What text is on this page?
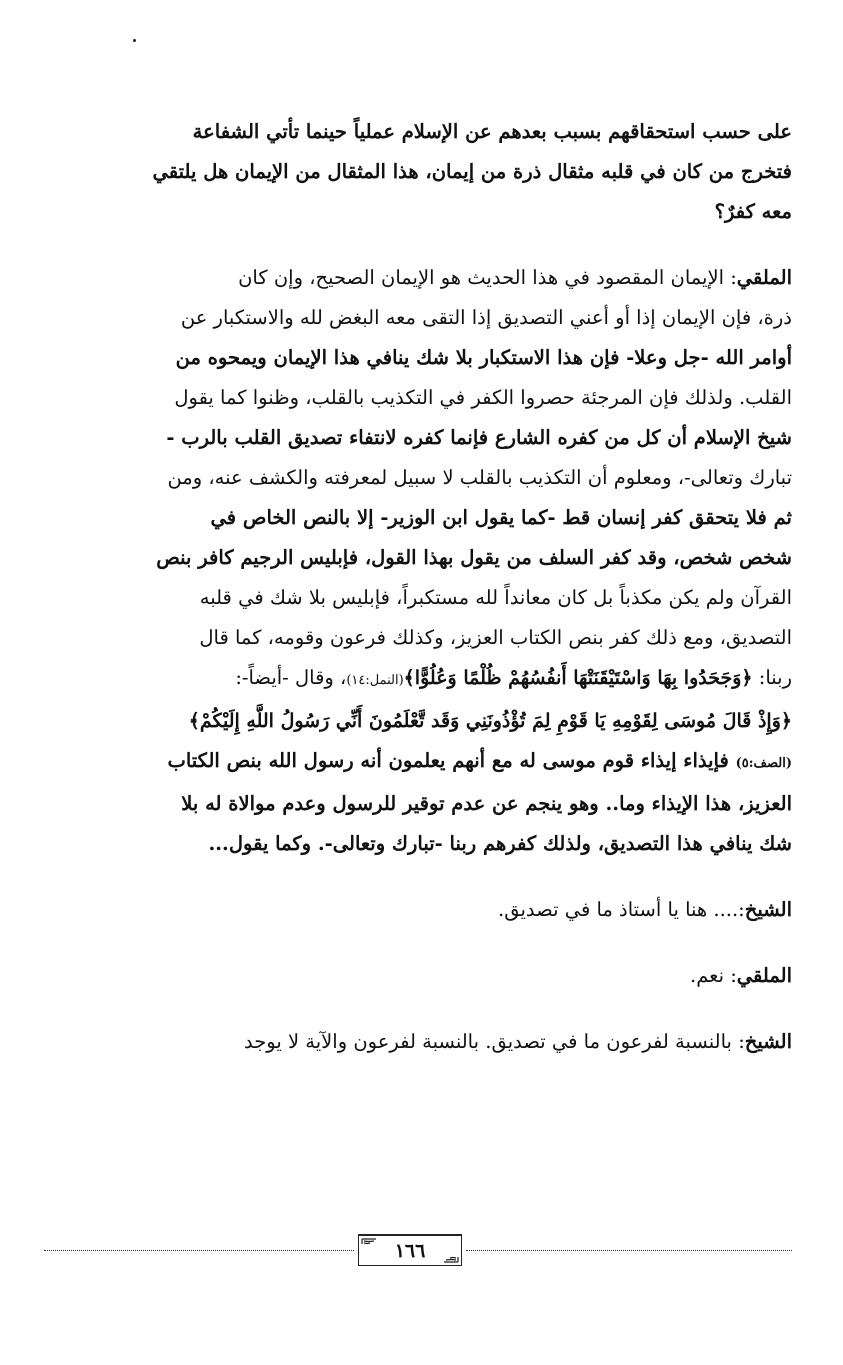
على حسب استحقاقهم بسبب بعدهم عن الإسلام عملياً حينما تأتي الشفاعة
فتخرج من كان في قلبه مثقال ذرة من إيمان، هذا المثقال من الإيمان هل يلتقي
معه كفرٌ؟

الملقي: الإيمان المقصود في هذا الحديث هو الإيمان الصحيح، وإن كان
ذرة، فإن الإيمان إذا أو أعني التصديق إذا التقى معه البغض لله والاستكبار عن
أوامر الله -جل وعلا- فإن هذا الاستكبار بلا شك ينافي هذا الإيمان ويمحوه من
القلب. ولذلك فإن المرجئة حصروا الكفر في التكذيب بالقلب، وظنوا كما يقول
شيخ الإسلام أن كل من كفره الشارع فإنما كفره لانتفاء تصديق القلب بالرب -
تبارك وتعالى-، ومعلوم أن التكذيب بالقلب لا سبيل لمعرفته والكشف عنه، ومن
ثم فلا يتحقق كفر إنسان قط -كما يقول ابن الوزير- إلا بالنص الخاص في
شخص شخص، وقد كفر السلف من يقول بهذا القول، فإبليس الرجيم كافر بنص
القرآن ولم يكن مكذباً بل كان معانداً لله مستكبراً، فإبليس بلا شك في قلبه
التصديق، ومع ذلك كفر بنص الكتاب العزيز، وكذلك فرعون وقومه، كما قال
ربنا: ﴿وَجَحَدُوا بِهَا وَاسْتَيْقَنَتْهَا أَنفُسُهُمْ ظُلْمًا وَعُلُوًّا﴾(النمل:١٤)، وقال -أيضاً-:
﴿وَإِذْ قَالَ مُوسَى لِقَوْمِهِ يَا قَوْمِ لِمَ تُؤْذُونَنِي وَقَد تَّعْلَمُونَ أَنِّي رَسُولُ اللَّهِ إِلَيْكُمْ﴾
(الصف:٥) فإيذاء إيذاء قوم موسى له مع أنهم يعلمون أنه رسول الله بنص الكتاب
العزيز، هذا الإيذاء وما.. وهو ينجم عن عدم توقير للرسول وعدم موالاة له بلا
شك ينافي هذا التصديق، ولذلك كفرهم ربنا -تبارك وتعالى-. وكما يقول...

الشيخ:.... هنا يا أستاذ ما في تصديق.

الملقي: نعم.

الشيخ: بالنسبة لفرعون ما في تصديق. بالنسبة لفرعون والآية لا يوجد

١٦٦
